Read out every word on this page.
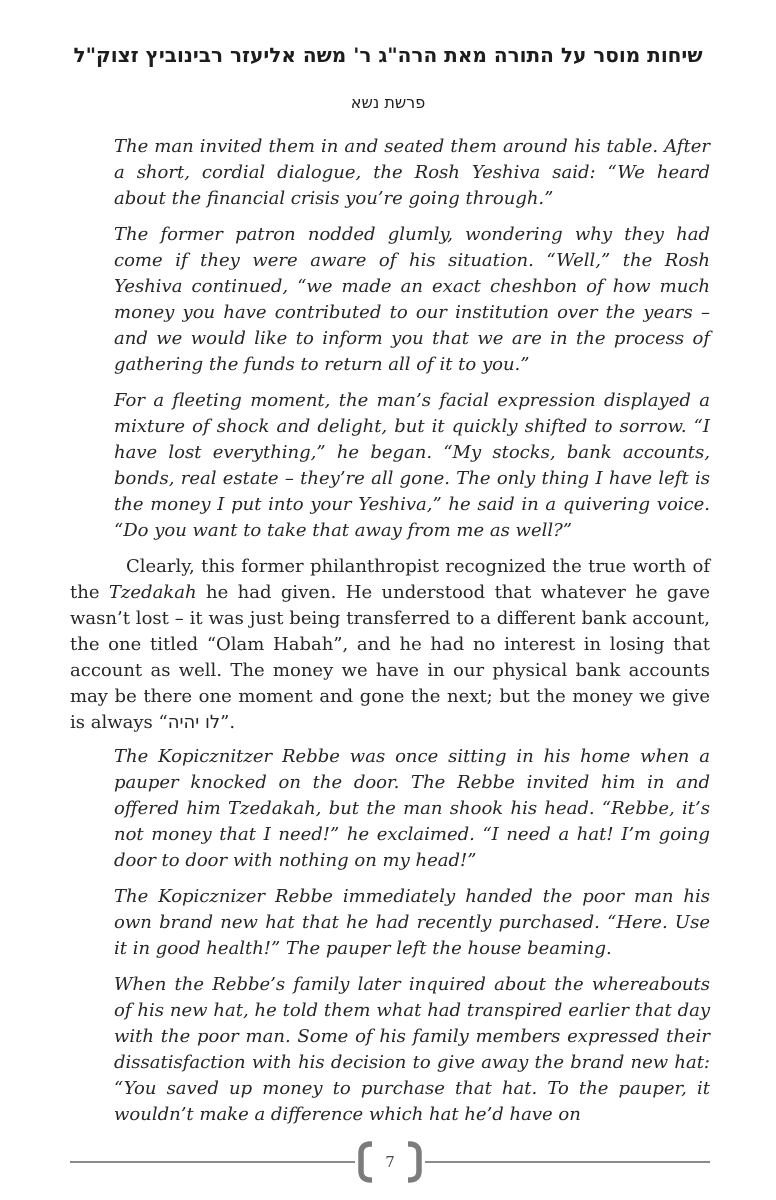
שיחות מוסר על התורה מאת הרה"ג ר' משה אליעזר רבינוביץ זצוק"ל
פרשת נשא

The man invited them in and seated them around his table. After a short, cordial dialogue, the Rosh Yeshiva said: “We heard about the financial crisis you’re going through.”

The former patron nodded glumly, wondering why they had come if they were aware of his situation. “Well,” the Rosh Yeshiva continued, “we made an exact cheshbon of how much money you have contributed to our institution over the years – and we would like to inform you that we are in the process of gathering the funds to return all of it to you.”

For a fleeting moment, the man’s facial expression displayed a mixture of shock and delight, but it quickly shifted to sorrow. “I have lost everything,” he began. “My stocks, bank accounts, bonds, real estate – they’re all gone. The only thing I have left is the money I put into your Yeshiva,” he said in a quivering voice. “Do you want to take that away from me as well?”

Clearly, this former philanthropist recognized the true worth of the Tzedakah he had given. He understood that whatever he gave wasn’t lost – it was just being transferred to a different bank account, the one titled “Olam Habah”, and he had no interest in losing that account as well. The money we have in our physical bank accounts may be there one moment and gone the next; but the money we give is always “לו יהיה”.

The Kopicznitzer Rebbe was once sitting in his home when a pauper knocked on the door. The Rebbe invited him in and offered him Tzedakah, but the man shook his head. “Rebbe, it’s not money that I need!” he exclaimed. “I need a hat! I’m going door to door with nothing on my head!”

The Kopicznizer Rebbe immediately handed the poor man his own brand new hat that he had recently purchased. “Here. Use it in good health!” The pauper left the house beaming.

When the Rebbe’s family later inquired about the whereabouts of his new hat, he told them what had transpired earlier that day with the poor man. Some of his family members expressed their dissatisfaction with his decision to give away the brand new hat: “You saved up money to purchase that hat. To the pauper, it wouldn’t make a difference which hat he’d have on

7
